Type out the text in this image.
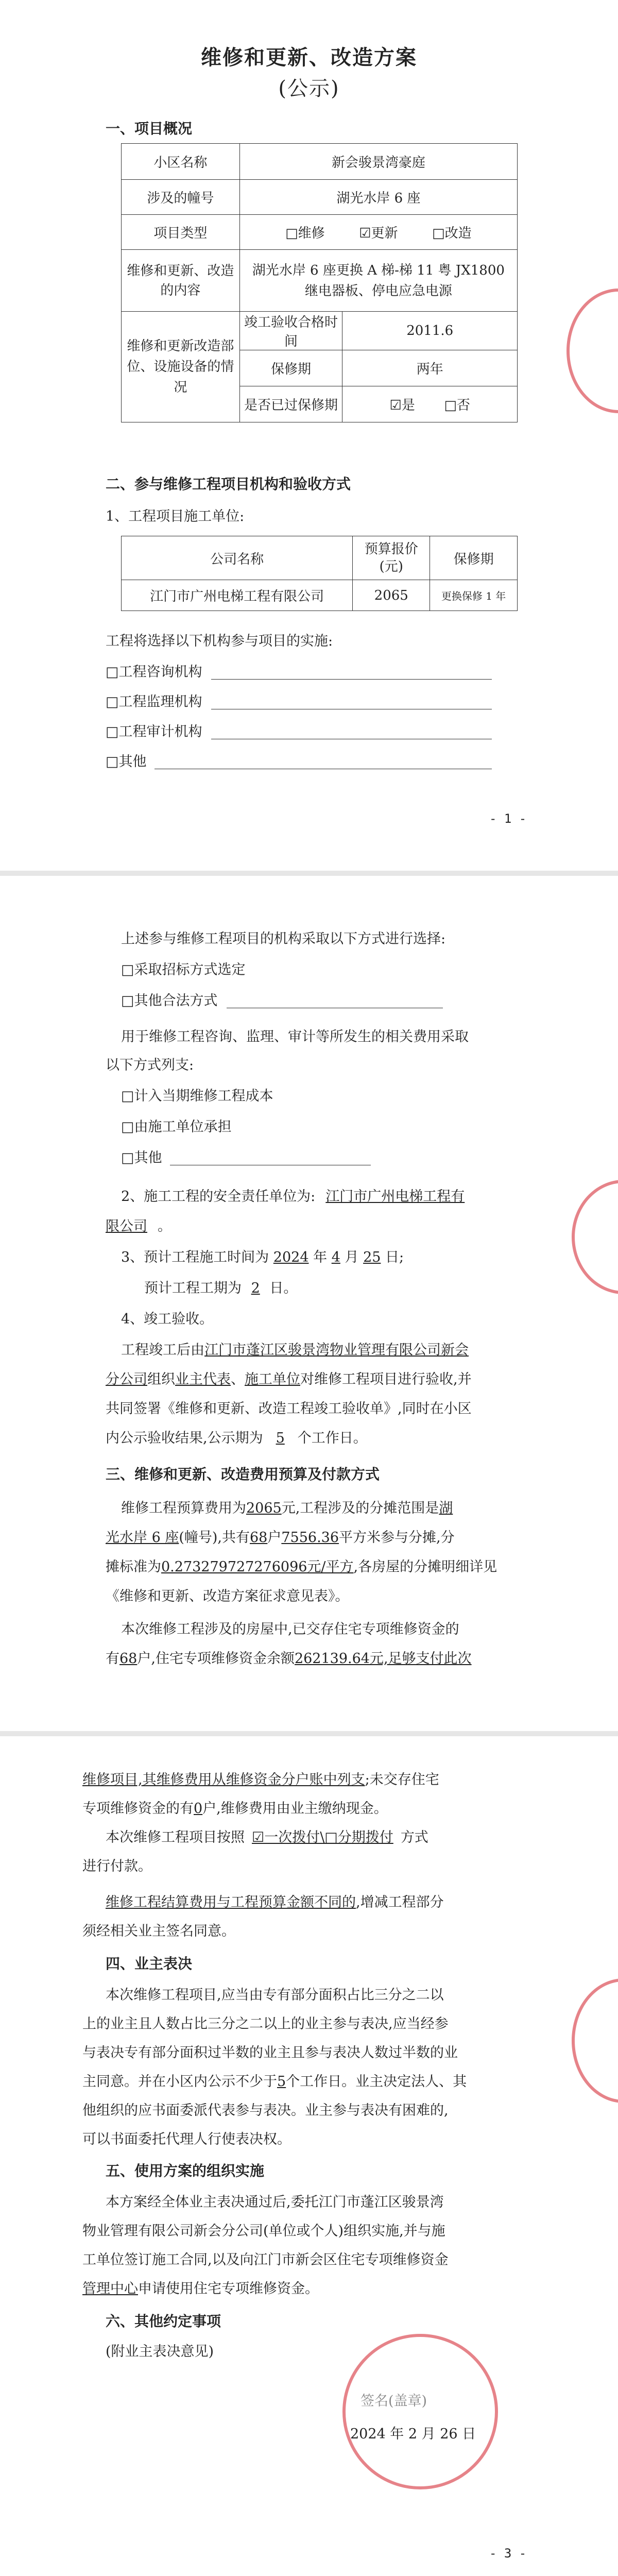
维修和更新、改造方案
(公示)
一、项目概况
小区名称	新会骏景湾豪庭	
涉及的幢号	湖光水岸 6 座	
项目类型	□维修 ☑更新 □改造	
维修和更新、改造的内容	湖光水岸 6 座更换 A 梯-梯 11 粤 JX1800 继电器板、停电应急电源	
维修和更新改造部位、设施设备的情况	竣工验收合格时间	2011.6
	保修期	两年
	是否已过保修期	☑是 □否
二、参与维修工程项目机构和验收方式
1、工程项目施工单位:
公司名称	预算报价(元)	保修期
江门市广州电梯工程有限公司	2065	更换保修 1 年
工程将选择以下机构参与项目的实施:
□工程咨询机构
□工程监理机构
□工程审计机构
□其他
- 1 -
上述参与维修工程项目的机构采取以下方式进行选择:
□采取招标方式选定
□其他合法方式
用于维修工程咨询、监理、审计等所发生的相关费用采取
以下方式列支:
□计入当期维修工程成本
□由施工单位承担
□其他
2、施工工程的安全责任单位为: 江门市广州电梯工程有
限公司 。
3、预计工程施工时间为 2024 年 4 月 25 日;
预计工程工期为 2 日。
4、竣工验收。
工程竣工后由江门市蓬江区骏景湾物业管理有限公司新会
分公司组织业主代表、施工单位对维修工程项目进行验收,并
共同签署《维修和更新、改造工程竣工验收单》,同时在小区
内公示验收结果,公示期为 5 个工作日。
三、维修和更新、改造费用预算及付款方式
维修工程预算费用为2065元,工程涉及的分摊范围是湖
光水岸 6 座(幢号),共有68户7556.36平方米参与分摊,分
摊标准为0.273279727276096元/平方,各房屋的分摊明细详见
《维修和更新、改造方案征求意见表》。
本次维修工程涉及的房屋中,已交存住宅专项维修资金的
有68户,住宅专项维修资金余额262139.64元,足够支付此次
维修项目,其维修费用从维修资金分户账中列支;未交存住宅
专项维修资金的有0户,维修费用由业主缴纳现金。
本次维修工程项目按照 ☑一次拨付\□分期拨付 方式
进行付款。
维修工程结算费用与工程预算金额不同的,增减工程部分
须经相关业主签名同意。
四、业主表决
本次维修工程项目,应当由专有部分面积占比三分之二以
上的业主且人数占比三分之二以上的业主参与表决,应当经参
与表决专有部分面积过半数的业主且参与表决人数过半数的业
主同意。并在小区内公示不少于5个工作日。业主决定法人、其
他组织的应书面委派代表参与表决。业主参与表决有困难的,
可以书面委托代理人行使表决权。
五、使用方案的组织实施
本方案经全体业主表决通过后,委托江门市蓬江区骏景湾
物业管理有限公司新会分公司(单位或个人)组织实施,并与施
工单位签订施工合同,以及向江门市新会区住宅专项维修资金
管理中心申请使用住宅专项维修资金。
六、其他约定事项
(附业主表决意见)
签名(盖章)
2024 年 2 月 26 日
- 3 -
